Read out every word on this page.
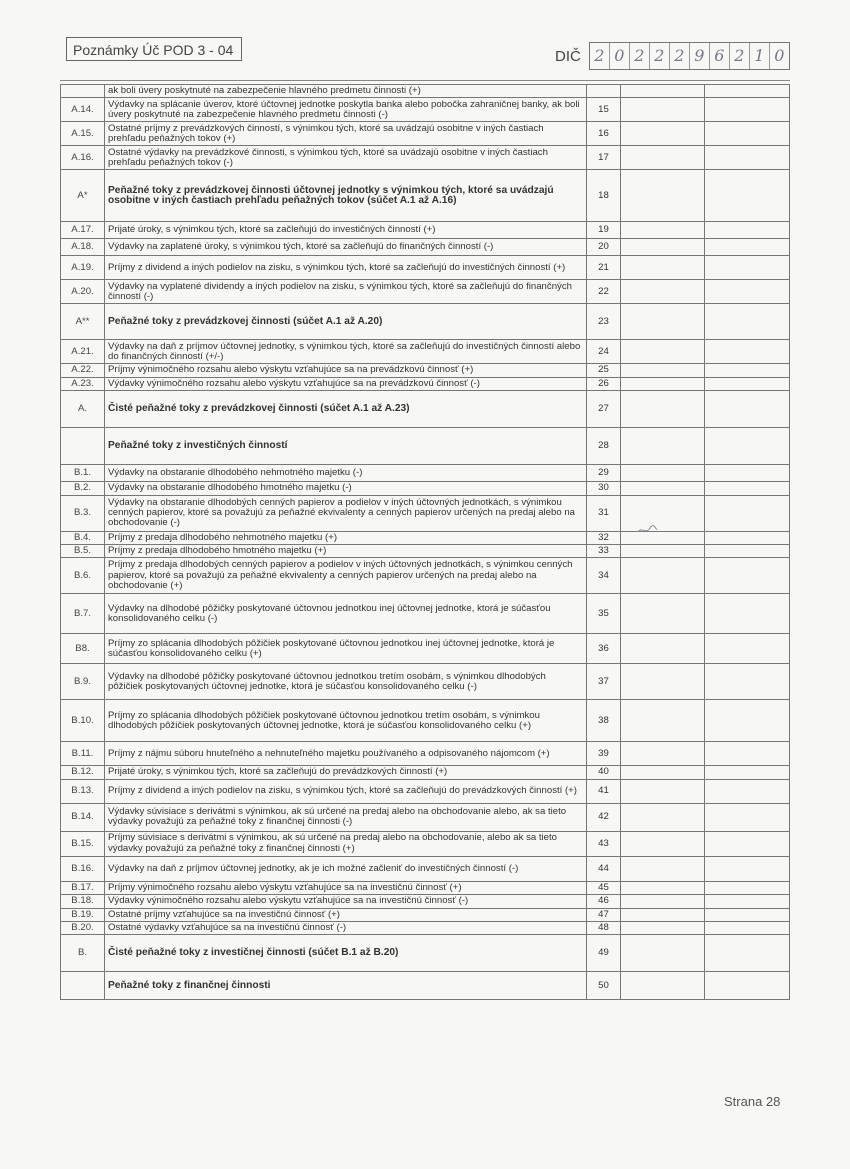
Poznámky Úč POD 3 - 04	DIČ 2 0 2 2 2 9 6 2 1 0
	ak boli úvery poskytnuté na zabezpečenie hlavného predmetu činnosti (+)			
A.14.	Výdavky na splácanie úverov, ktoré účtovnej jednotke poskytla banka alebo pobočka zahraničnej banky, ak boli úvery poskytnuté na zabezpečenie hlavného predmetu činnosti (-)	15		
A.15.	Ostatné príjmy z prevádzkových činností, s výnimkou tých, ktoré sa uvádzajú osobitne v iných častiach prehľadu peňažných tokov (+)	16		
A.16.	Ostatné výdavky na prevádzkové činnosti, s výnimkou tých, ktoré sa uvádzajú osobitne v iných častiach prehľadu peňažných tokov (-)	17		
A*	Peňažné toky z prevádzkovej činnosti účtovnej jednotky s výnimkou tých, ktoré sa uvádzajú osobitne v iných častiach prehľadu peňažných tokov (súčet A.1 až A.16)	18		
A.17.	Prijaté úroky, s výnimkou tých, ktoré sa začleňujú do investičných činností (+)	19		
A.18.	Výdavky na zaplatené úroky, s výnimkou tých, ktoré sa začleňujú do finančných činností (-)	20		
A.19.	Príjmy z dividend a iných podielov na zisku, s výnimkou tých, ktoré sa začleňujú do investičných činností (+)	21		
A.20.	Výdavky na vyplatené dividendy a iných podielov na zisku, s výnimkou tých, ktoré sa začleňujú do finančných činností (-)	22		
A**	Peňažné toky z prevádzkovej činnosti (súčet A.1 až A.20)	23		
A.21.	Výdavky na daň z príjmov účtovnej jednotky, s výnimkou tých, ktoré sa začleňujú do investičných činností alebo do finančných činností (+/-)	24		
A.22.	Príjmy výnimočného rozsahu alebo výskytu vzťahujúce sa na prevádzkovú činnosť (+)	25		
A.23.	Výdavky výnimočného rozsahu alebo výskytu vzťahujúce sa na prevádzkovú činnosť (-)	26		
A.	Čisté peňažné toky z prevádzkovej činnosti (súčet A.1 až A.23)	27		
	Peňažné toky z investičných činností	28		
B.1.	Výdavky na obstaranie dlhodobého nehmotného majetku (-)	29		
B.2.	Výdavky na obstaranie dlhodobého hmotného majetku (-)	30		
B.3.	Výdavky na obstaranie dlhodobých cenných papierov a podielov v iných účtovných jednotkách, s výnimkou cenných papierov, ktoré sa považujú za peňažné ekvivalenty a cenných papierov určených na predaj alebo na obchodovanie (-)	31		
B.4.	Príjmy z predaja dlhodobého nehmotného majetku (+)	32		
B.5.	Príjmy z predaja dlhodobého hmotného majetku (+)	33		
B.6.	Príjmy z predaja dlhodobých cenných papierov a podielov v iných účtovných jednotkách, s výnimkou cenných papierov, ktoré sa považujú za peňažné ekvivalenty a cenných papierov určených na predaj alebo na obchodovanie (+)	34		
B.7.	Výdavky na dlhodobé pôžičky poskytované účtovnou jednotkou inej účtovnej jednotke, ktorá je súčasťou konsolidovaného celku (-)	35		
B8.	Príjmy zo splácania dlhodobých pôžičiek poskytované účtovnou jednotkou inej účtovnej jednotke, ktorá je súčasťou konsolidovaného celku (+)	36		
B.9.	Výdavky na dlhodobé pôžičky poskytované účtovnou jednotkou tretím osobám, s výnimkou dlhodobých pôžičiek poskytovaných účtovnej jednotke, ktorá je súčasťou konsolidovaného celku (-)	37		
B.10.	Príjmy zo splácania dlhodobých pôžičiek poskytované účtovnou jednotkou tretím osobám, s výnimkou dlhodobých pôžičiek poskytovaných účtovnej jednotke, ktorá je súčasťou konsolidovaného celku (+)	38		
B.11.	Príjmy z nájmu súboru hnuteľného a nehnuteľného majetku používaného a odpisovaného nájomcom (+)	39		
B.12.	Prijaté úroky, s výnimkou tých, ktoré sa začleňujú do prevádzkových činností (+)	40		
B.13.	Príjmy z dividend a iných podielov na zisku, s výnimkou tých, ktoré sa začleňujú do prevádzkových činností (+)	41		
B.14.	Výdavky súvisiace s derivátmi s výnimkou, ak sú určené na predaj alebo na obchodovanie alebo, ak sa tieto výdavky považujú za peňažné toky z finančnej činnosti (-)	42		
B.15.	Príjmy súvisiace s derivátmi s výnimkou, ak sú určené na predaj alebo na obchodovanie, alebo ak sa tieto výdavky považujú za peňažné toky z finančnej činnosti (+)	43		
B.16.	Výdavky na daň z príjmov účtovnej jednotky, ak je ich možné začleniť do investičných činností (-)	44		
B.17.	Príjmy výnimočného rozsahu alebo výskytu vzťahujúce sa na investičnú činnosť (+)	45		
B.18.	Výdavky výnimočného rozsahu alebo výskytu vzťahujúce sa na investičnú činnosť (-)	46		
B.19.	Ostatné príjmy vzťahujúce sa na investičnú činnosť (+)	47		
B.20.	Ostatné výdavky vzťahujúce sa na investičnú činnosť (-)	48		
B.	Čisté peňažné toky z investičnej činnosti (súčet B.1 až B.20)	49		
	Peňažné toky z finančnej činnosti	50		
Strana 28
